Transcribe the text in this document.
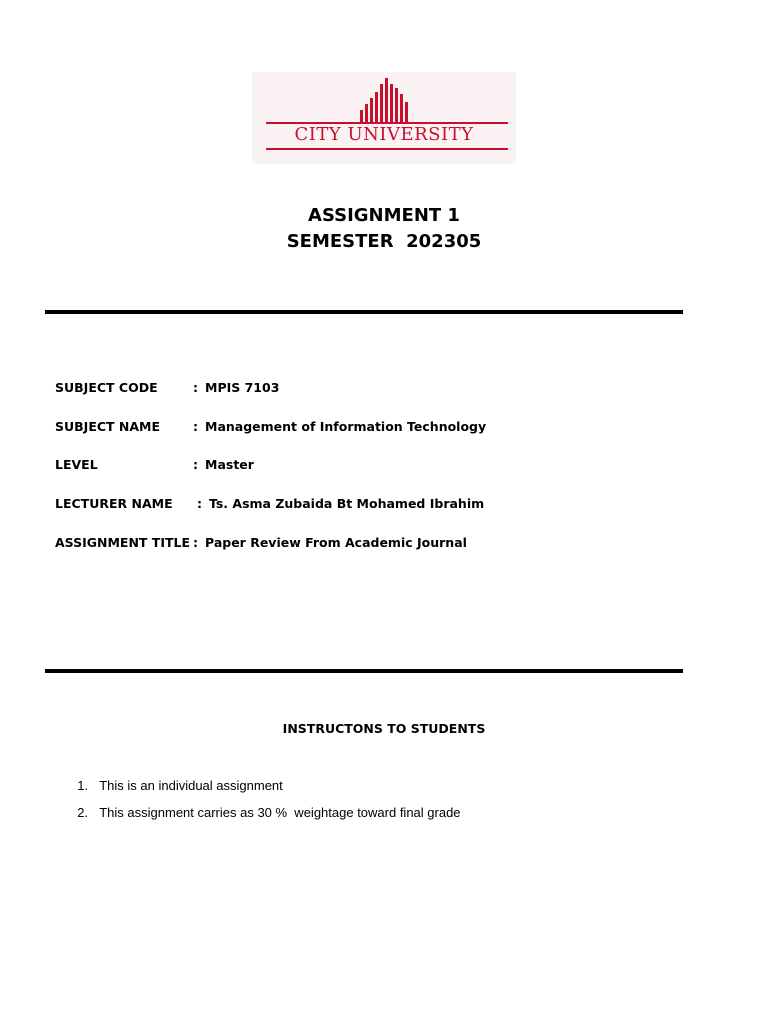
CITY UNIVERSITY
ASSIGNMENT 1
SEMESTER  202305
SUBJECT CODE	: MPIS 7103
SUBJECT NAME	: Management of Information Technology
LEVEL	: Master
LECTURER NAME : Ts. Asma Zubaida Bt Mohamed Ibrahim
ASSIGNMENT TITLE : Paper Review From Academic Journal
INSTRUCTONS TO STUDENTS

1. This is an individual assignment

2. This assignment carries as 30 %  weightage toward final grade
